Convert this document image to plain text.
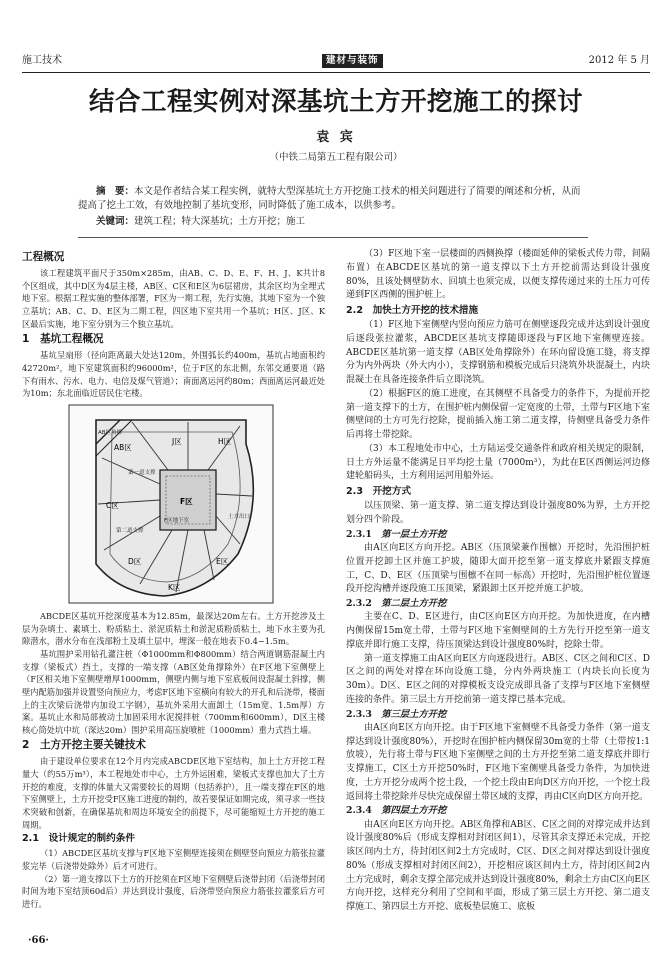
施工技术	建材与装饰	2012 年 5 月
结合工程实例对深基坑土方开挖施工的探讨
袁 宾
（中铁二局第五工程有限公司）
摘　要：本文是作者结合某工程实例，就特大型深基坑土方开挖施工技术的相关问题进行了简要的阐述和分析，从而提高了挖土工效，有效地控制了基坑变形，同时降低了施工成本，以供参考。
关键词：建筑工程；特大深基坑；土方开挖；施工
工程概况

该工程建筑平面尺于350m×285m，由AB、C、D、E、F、H、J、K共计8个区组成，其中D区为4层主楼，AB区、C区和E区为6层裙房，其余区均为全埋式地下室。根据工程实施的整体部署，F区为一期工程，先行实施，其地下室为一个独立基坑；AB、C、D、E区为二期工程，四区地下室共用一个基坑；H区、J区、K区最后实施，地下室分别为三个独立基坑。

1　基坑工程概况

基坑呈扇形（径向距离最大处达120m，外围弧长约400m，基坑占地面积约42720m²，地下室建筑面积约96000m²，位于F区的东北侧，东邻交通要道（路下有雨水、污水、电力、电信及煤气管道）；南面离运河约80m；西面离运河最近处为10m；东北面临近居民住宅楼。

AB区
C区
D区	E区
F区
H区
J区
K区
第一道支撑
第二道支撑
土方出口
AB区角撑
F区地下室

ABCDE区基坑开挖深度基本为12.85m，最深达20m左右。土方开挖涉及土层为杂填土、素填土、粉质粘土、淤泥质粘土和淤泥质粉质粘土，地下水主要为孔隙潜水，潜水分布在浅部粉土及填土层中，埋深一般在地表下0.4~1.5m。

基坑围护采用钻孔灌注桩（Φ1000mm和Φ800mm）结合两道钢筋混凝土内支撑（梁板式）挡土，支撑的一端支撑（AB区处角撑除外）在F区地下室侧壁上（F区相关地下室侧壁增厚1000mm，侧壁内侧与地下室底板间设混凝土斜撑，侧壁内配筋加强并设置竖向预应力，考虑F区地下室横向有较大的开孔和后浇带，楼面上的主次梁后浇带内加设工字钢），基坑外采用大面卸土（15m宽、1.5m厚）方案。基坑止水和局部被动土加固采用水泥搅拌桩（700mm和600mm），D区主楼核心筒处坑中坑（深达20m）围护采用高压旋喷桩（1000mm）重力式挡土墙。

2　土方开挖主要关键技术

由于建设单位要求在12个月内完成ABCDE区地下室结构，加上土方开挖工程量大（约55万m³），本工程地处市中心，土方外运困难，梁板式支撑也加大了土方开挖的难度，支撑的体量大又需要较长的周期（包括养护），且一端支撑在F区的地下室侧壁上，土方开挖受F区施工进度的制约，故若要保证如期完成，须寻求一些技术突破和创新，在确保基坑和周边环境安全的前提下，尽可能缩短土方开挖的施工周期。

2.1　设计规定的制约条件

（1）ABCDE区基坑支撑与F区地下室侧壁连接须在侧壁竖向预应力筋张拉灌浆完毕（后浇带处除外）后才可进行。

（2）第一道支撑以下土方的开挖须在F区地下室侧壁后浇带封闭（后浇带封闭时间为地下室结顶60d后）并达到设计强度，后浇带竖向预应力筋张拉灌浆后方可进行。

（3）F区地下室一层楼面的西侧换撑（楼面延伸的梁板式传力带，间隔布置）在ABCDE区基坑的第一道支撑以下土方开挖前需达到设计强度80%，且该处侧壁防水、回填土也须完成，以便支撑传递过来的土压力可传递到F区西侧的围护桩上。

2.2　加快土方开挖的技术措施

（1）F区地下室侧壁内竖向预应力筋可在侧壁逐段完成并达到设计强度后逐段张拉灌浆，ABCDE区基坑支撑随即逐段与F区地下室侧壁连接。ABCDE区基坑第一道支撑（AB区处角撑除外）在环向留设施工缝，将支撑分为内外两块（外大内小），支撑钢筋和模板完成后只浇筑外块混凝土，内块混凝土在具备连接条件后立即浇筑。

（2）根据F区的施工进度，在其侧壁不具备受力的条件下，为提前开挖第一道支撑下的土方，在围护桩内侧保留一定宽度的土带，土带与F区地下室侧壁间的土方可先行挖除，提前插入施工第二道支撑，待侧壁具备受力条件后再将土带挖除。

（3）本工程地处市中心，土方陆运受交通条件和政府相关规定的限制，日土方外运量不能满足日平均挖土量（7000m³），为此在E区西侧运河边修建轮船码头，土方利用运河用船外运。

2.3　开挖方式

以压顶梁、第一道支撑、第二道支撑达到设计强度80%为界，土方开挖划分四个阶段。

2.3.1　第一层土方开挖

由A区向E区方向开挖。AB区（压顶梁兼作围檩）开挖时，先沿围护桩位置开挖卸土区并施工护坡，随即大面开挖至第一道支撑底并紧跟支撑施工，C、D、E区（压顶梁与围檩不在同一标高）开挖时，先沿围护桩位置逐段开挖沟槽并逐段施工压顶梁，紧跟卸土区开挖并施工护坡。

2.3.2　第二层土方开挖

主要在C、D、E区进行，由C区向E区方向开挖。为加快进度，在内槽内侧保留15m宽土带，土带与F区地下室侧壁间的土方先行开挖至第一道支撑底并即行施工支撑，待压顶梁达到设计强度80%时，挖除土带。

第一道支撑施工由A区向E区方向逐段进行。AB区、C区之间和C区、D区之间的两处对撑在环向设施工缝，分内外两块施工（内块长向长度为30m）。D区、E区之间的对撑模板支设完成即具备了支撑与F区地下室侧壁连接的条件。第三层土方开挖前第一道支撑已基本完成。

2.3.3　第三层土方开挖

由A区向E区方向开挖。由于F区地下室侧壁不具备受力条件（第一道支撑达到设计强度80%），开挖时在围护桩内侧保留30m宽的土带（土带按1:1放坡），先行将土带与F区地下室侧壁之间的土方开挖至第二道支撑底并即行支撑施工，C区土方开挖50%时，F区地下室侧壁具备受力条件，为加快进度，土方开挖分成两个挖土段，一个挖土段由E向D区方向开挖，一个挖土段返回将土带挖除并尽快完成保留土带区域的支撑，再由C区向D区方向开挖。

2.3.4　第四层土方开挖

由A区向E区方向开挖。AB区角撑和AB区、C区之间的对撑完成并达到设计强度80%后（形成支撑相对封闭区间1），尽管其余支撑还未完成，开挖该区间内土方，待封闭区间2土方完成时，C区、D区之间对撑达到设计强度80%（形成支撑相对封闭区间2），开挖相应该区间内土方，待封闭区间2内土方完成时，剩余支撑全部完成并达到设计强度80%，剩余土方由C区向E区方向开挖，这样充分利用了空间和平面，形成了第三层土方开挖、第二道支撑施工、第四层土方开挖、底板垫层施工、底板

·66·
